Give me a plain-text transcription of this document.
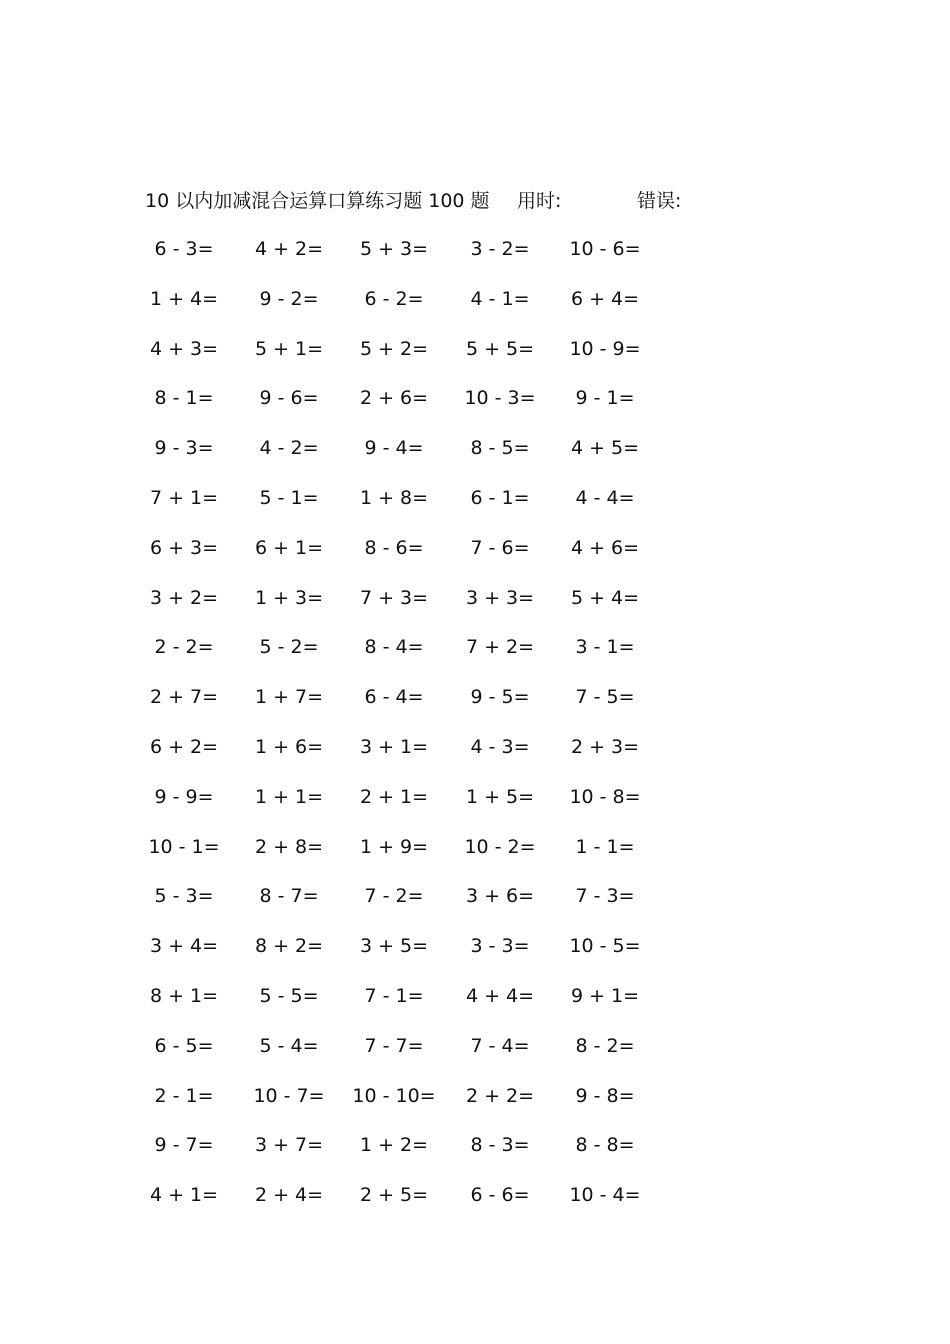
10 以内加减混合运算口算练习题 100 题 用时:	错误:
6 - 3=	4 + 2=	5 + 3=	3 - 2=	10 - 6=
1 + 4=	9 - 2=	6 - 2=	4 - 1=	6 + 4=
4 + 3=	5 + 1=	5 + 2=	5 + 5=	10 - 9=
8 - 1=	9 - 6=	2 + 6=	10 - 3=	9 - 1=
9 - 3=	4 - 2=	9 - 4=	8 - 5=	4 + 5=
7 + 1=	5 - 1=	1 + 8=	6 - 1=	4 - 4=
6 + 3=	6 + 1=	8 - 6=	7 - 6=	4 + 6=
3 + 2=	1 + 3=	7 + 3=	3 + 3=	5 + 4=
2 - 2=	5 - 2=	8 - 4=	7 + 2=	3 - 1=
2 + 7=	1 + 7=	6 - 4=	9 - 5=	7 - 5=
6 + 2=	1 + 6=	3 + 1=	4 - 3=	2 + 3=
9 - 9=	1 + 1=	2 + 1=	1 + 5=	10 - 8=
10 - 1=	2 + 8=	1 + 9=	10 - 2=	1 - 1=
5 - 3=	8 - 7=	7 - 2=	3 + 6=	7 - 3=
3 + 4=	8 + 2=	3 + 5=	3 - 3=	10 - 5=
8 + 1=	5 - 5=	7 - 1=	4 + 4=	9 + 1=
6 - 5=	5 - 4=	7 - 7=	7 - 4=	8 - 2=
2 - 1=	10 - 7=	10 - 10=	2 + 2=	9 - 8=
9 - 7=	3 + 7=	1 + 2=	8 - 3=	8 - 8=
4 + 1=	2 + 4=	2 + 5=	6 - 6=	10 - 4=
